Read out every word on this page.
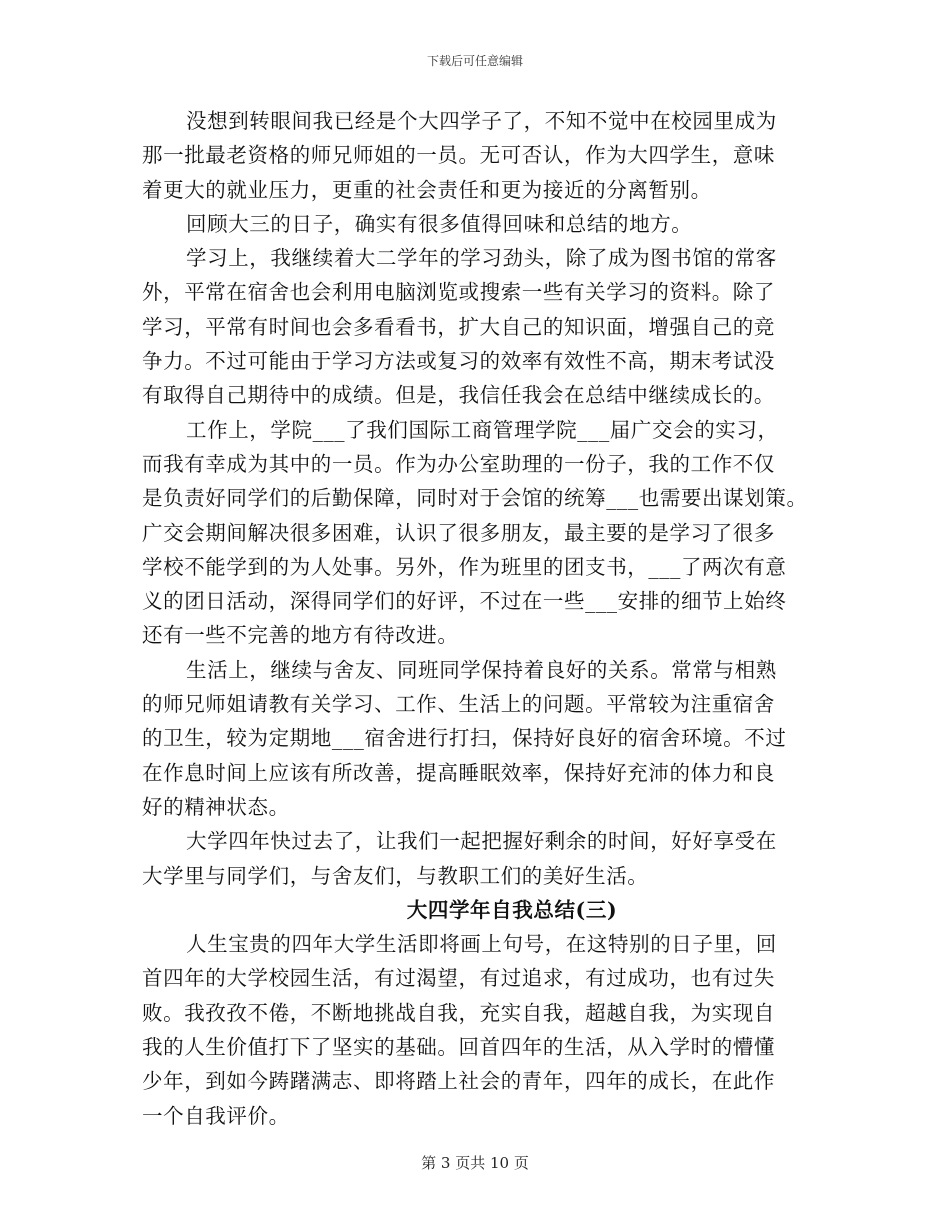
下载后可任意编辑
没想到转眼间我已经是个大四学子了，不知不觉中在校园里成为
那一批最老资格的师兄师姐的一员。无可否认，作为大四学生，意味
着更大的就业压力，更重的社会责任和更为接近的分离暂别。
回顾大三的日子，确实有很多值得回味和总结的地方。
学习上，我继续着大二学年的学习劲头，除了成为图书馆的常客
外，平常在宿舍也会利用电脑浏览或搜索一些有关学习的资料。除了
学习，平常有时间也会多看看书，扩大自己的知识面，增强自己的竞
争力。不过可能由于学习方法或复习的效率有效性不高，期末考试没
有取得自己期待中的成绩。但是，我信任我会在总结中继续成长的。
工作上，学院___了我们国际工商管理学院___届广交会的实习，
而我有幸成为其中的一员。作为办公室助理的一份子，我的工作不仅
是负责好同学们的后勤保障，同时对于会馆的统筹___也需要出谋划策。
广交会期间解决很多困难，认识了很多朋友，最主要的是学习了很多
学校不能学到的为人处事。另外，作为班里的团支书，___了两次有意
义的团日活动，深得同学们的好评，不过在一些___安排的细节上始终
还有一些不完善的地方有待改进。
生活上，继续与舍友、同班同学保持着良好的关系。常常与相熟
的师兄师姐请教有关学习、工作、生活上的问题。平常较为注重宿舍
的卫生，较为定期地___宿舍进行打扫，保持好良好的宿舍环境。不过
在作息时间上应该有所改善，提高睡眠效率，保持好充沛的体力和良
好的精神状态。
大学四年快过去了，让我们一起把握好剩余的时间，好好享受在
大学里与同学们，与舍友们，与教职工们的美好生活。
大四学年自我总结(三)
人生宝贵的四年大学生活即将画上句号，在这特别的日子里，回
首四年的大学校园生活，有过渴望，有过追求，有过成功，也有过失
败。我孜孜不倦，不断地挑战自我，充实自我，超越自我，为实现自
我的人生价值打下了坚实的基础。回首四年的生活，从入学时的懵懂
少年，到如今踌躇满志、即将踏上社会的青年，四年的成长，在此作
一个自我评价。
第 3 页共 10 页
